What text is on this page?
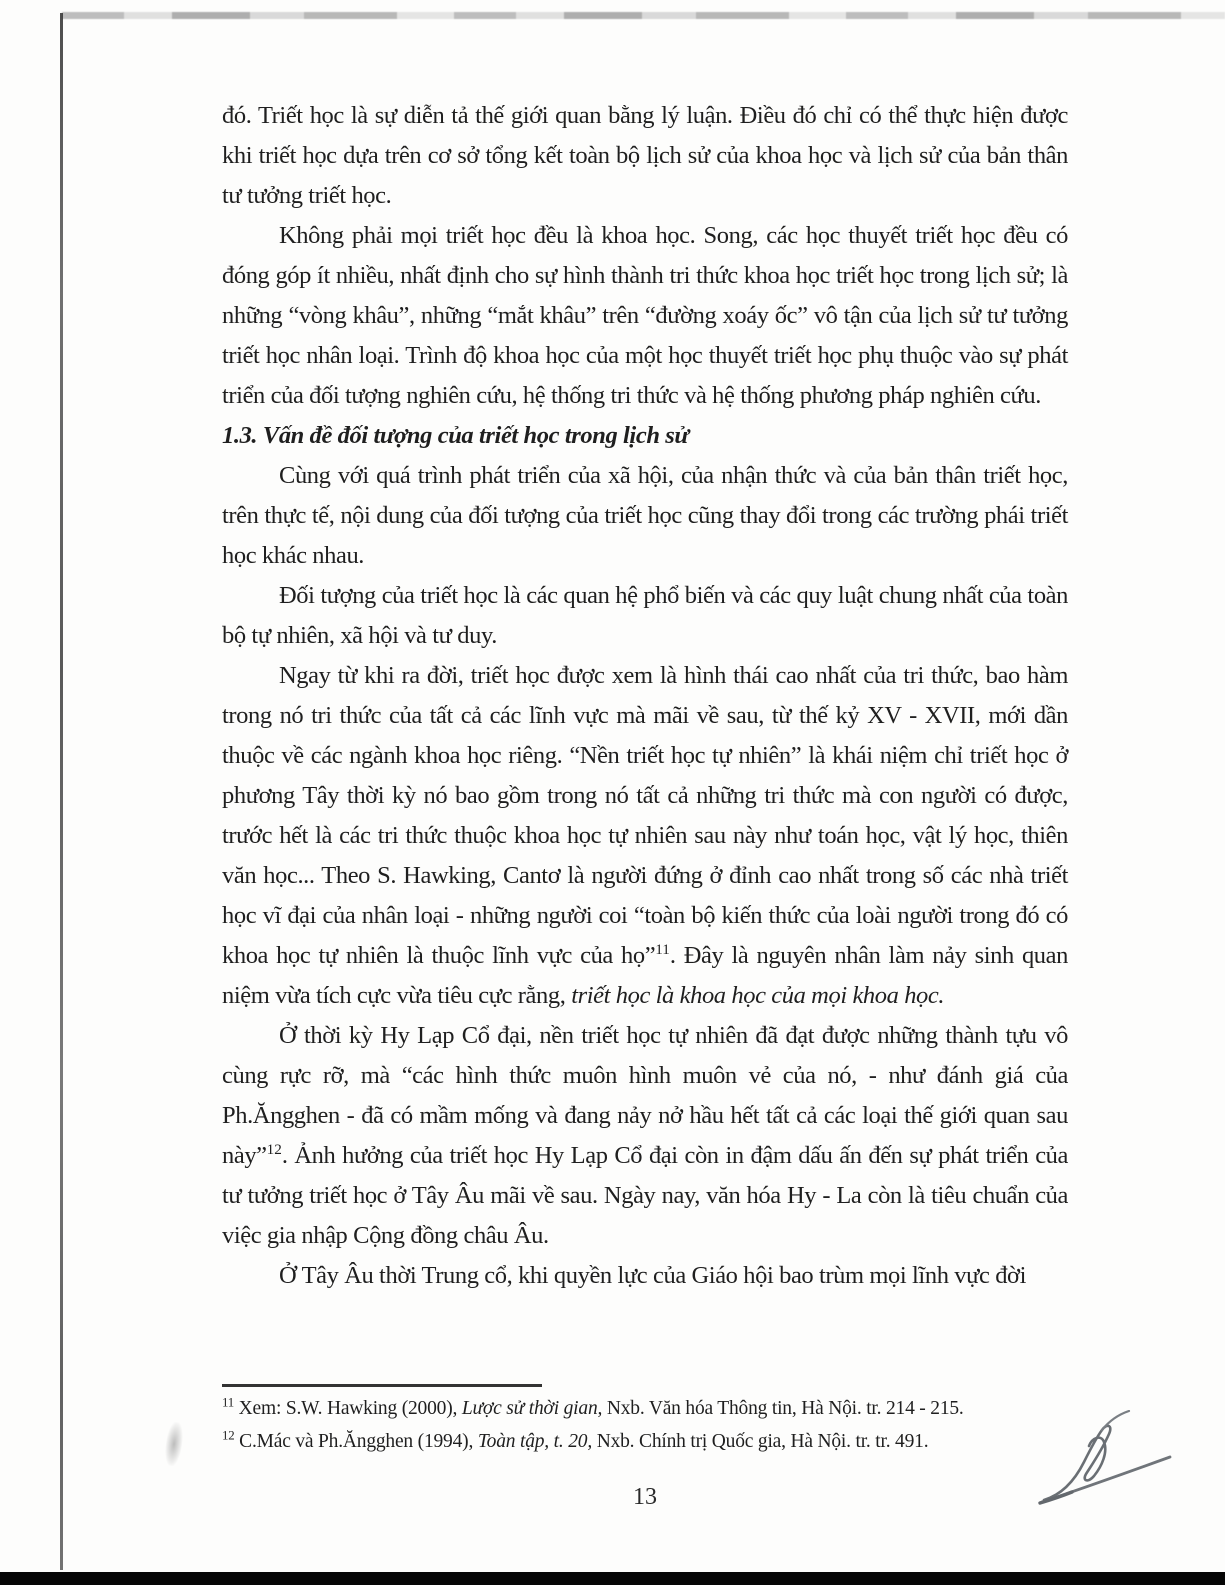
đó. Triết học là sự diễn tả thế giới quan bằng lý luận. Điều đó chỉ có thể thực hiện được khi triết học dựa trên cơ sở tổng kết toàn bộ lịch sử của khoa học và lịch sử của bản thân tư tưởng triết học.

Không phải mọi triết học đều là khoa học. Song, các học thuyết triết học đều có đóng góp ít nhiều, nhất định cho sự hình thành tri thức khoa học triết học trong lịch sử; là những “vòng khâu”, những “mắt khâu” trên “đường xoáy ốc” vô tận của lịch sử tư tưởng triết học nhân loại. Trình độ khoa học của một học thuyết triết học phụ thuộc vào sự phát triển của đối tượng nghiên cứu, hệ thống tri thức và hệ thống phương pháp nghiên cứu.

1.3. Vấn đề đối tượng của triết học trong lịch sử

Cùng với quá trình phát triển của xã hội, của nhận thức và của bản thân triết học, trên thực tế, nội dung của đối tượng của triết học cũng thay đổi trong các trường phái triết học khác nhau.

Đối tượng của triết học là các quan hệ phổ biến và các quy luật chung nhất của toàn bộ tự nhiên, xã hội và tư duy.

Ngay từ khi ra đời, triết học được xem là hình thái cao nhất của tri thức, bao hàm trong nó tri thức của tất cả các lĩnh vực mà mãi về sau, từ thế kỷ XV - XVII, mới dần thuộc về các ngành khoa học riêng. “Nền triết học tự nhiên” là khái niệm chỉ triết học ở phương Tây thời kỳ nó bao gồm trong nó tất cả những tri thức mà con người có được, trước hết là các tri thức thuộc khoa học tự nhiên sau này như toán học, vật lý học, thiên văn học... Theo S. Hawking, Cantơ là người đứng ở đỉnh cao nhất trong số các nhà triết học vĩ đại của nhân loại - những người coi “toàn bộ kiến thức của loài người trong đó có khoa học tự nhiên là thuộc lĩnh vực của họ”$^{11}$. Đây là nguyên nhân làm nảy sinh quan niệm vừa tích cực vừa tiêu cực rằng, triết học là khoa học của mọi khoa học.

Ở thời kỳ Hy Lạp Cổ đại, nền triết học tự nhiên đã đạt được những thành tựu vô cùng rực rỡ, mà “các hình thức muôn hình muôn vẻ của nó, - như đánh giá của Ph.Ăngghen - đã có mầm mống và đang nảy nở hầu hết tất cả các loại thế giới quan sau này”$^{12}$. Ảnh hưởng của triết học Hy Lạp Cổ đại còn in đậm dấu ấn đến sự phát triển của tư tưởng triết học ở Tây Âu mãi về sau. Ngày nay, văn hóa Hy - La còn là tiêu chuẩn của việc gia nhập Cộng đồng châu Âu.

Ở Tây Âu thời Trung cổ, khi quyền lực của Giáo hội bao trùm mọi lĩnh vực đời

$^{11}$ Xem: S.W. Hawking (2000), Lược sử thời gian, Nxb. Văn hóa Thông tin, Hà Nội. tr. 214 - 215.
$^{12}$ C.Mác và Ph.Ăngghen (1994), Toàn tập, t. 20, Nxb. Chính trị Quốc gia, Hà Nội. tr. tr. 491.
13
